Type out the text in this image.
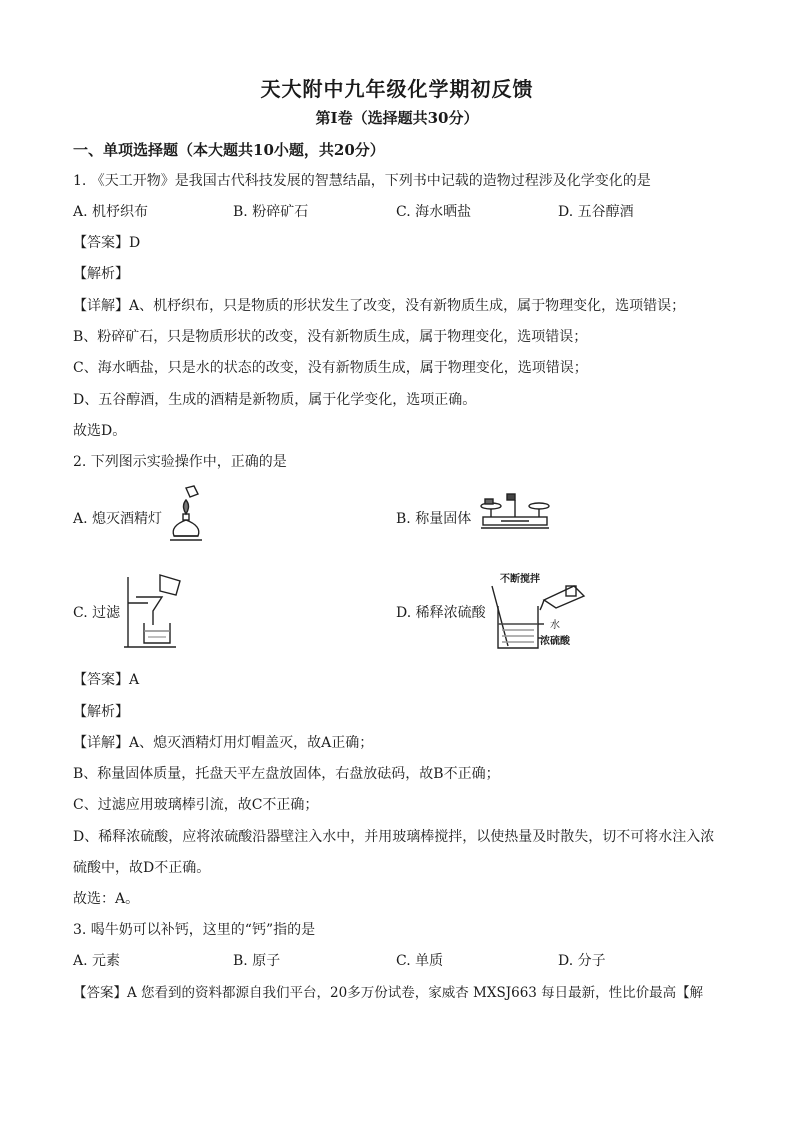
天大附中九年级化学期初反馈
第Ⅰ卷（选择题共30分）
一、单项选择题（本大题共10小题，共20分）
1. 《天工开物》是我国古代科技发展的智慧结晶，下列书中记载的造物过程涉及化学变化的是
A. 机杼织布	B. 粉碎矿石	C. 海水晒盐	D. 五谷醇酒
【答案】D
【解析】
【详解】A、机杼织布，只是物质的形状发生了改变，没有新物质生成，属于物理变化，选项错误；
B、粉碎矿石，只是物质形状的改变，没有新物质生成，属于物理变化，选项错误；
C、海水晒盐，只是水的状态的改变，没有新物质生成，属于物理变化，选项错误；
D、五谷醇酒，生成的酒精是新物质，属于化学变化，选项正确。
故选D。
2. 下列图示实验操作中，正确的是
A. 熄灭酒精灯	B. 称量固体
C. 过滤	D. 稀释浓硫酸
不断搅拌
水
浓硫酸
【答案】A
【解析】
【详解】A、熄灭酒精灯用灯帽盖灭，故A正确；
B、称量固体质量，托盘天平左盘放固体，右盘放砝码，故B不正确；
C、过滤应用玻璃棒引流，故C不正确；
D、稀释浓硫酸，应将浓硫酸沿器壁注入水中，并用玻璃棒搅拌，以使热量及时散失，切不可将水注入浓
硫酸中，故D不正确。
故选：A。
3. 喝牛奶可以补钙，这里的“钙”指的是
A. 元素	B. 原子	C. 单质	D. 分子
【答案】A 您看到的资料都源自我们平台，20多万份试卷，家威杏 MXSJ663 每日最新，性比价最高【解
